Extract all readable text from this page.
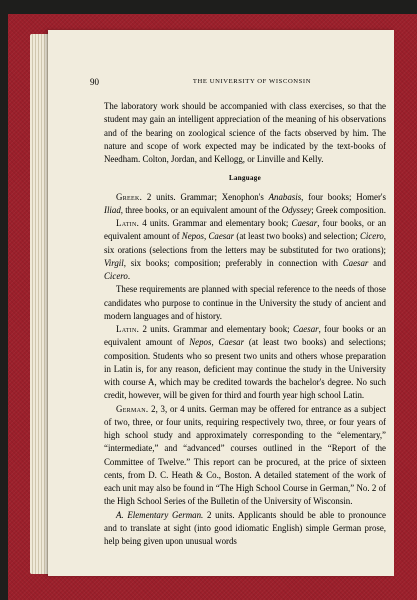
90	THE UNIVERSITY OF WISCONSIN

The laboratory work should be accompanied with class exercises, so that the student may gain an intelligent appreciation of the meaning of his observations and of the bearing on zoological science of the facts observed by him. The nature and scope of work expected may be indicated by the text-books of Needham. Colton, Jordan, and Kellogg, or Linville and Kelly.

Language

Greek. 2 units. Grammar; Xenophon's Anabasis, four books; Homer's Iliad, three books, or an equivalent amount of the Odyssey; Greek composition.

Latin. 4 units. Grammar and elementary book; Caesar, four books, or an equivalent amount of Nepos, Caesar (at least two books) and selection; Cicero, six orations (selections from the letters may be substituted for two orations); Virgil, six books; composition; preferably in connection with Caesar and Cicero.

These requirements are planned with special reference to the needs of those candidates who purpose to continue in the University the study of ancient and modern languages and of history.

Latin. 2 units. Grammar and elementary book; Caesar, four books or an equivalent amount of Nepos, Caesar (at least two books) and selections; composition. Students who so present two units and others whose preparation in Latin is, for any reason, deficient may continue the study in the University with course A, which may be credited towards the bachelor's degree. No such credit, however, will be given for third and fourth year high school Latin.

German. 2, 3, or 4 units. German may be offered for entrance as a subject of two, three, or four units, requiring respectively two, three, or four years of high school study and approximately corresponding to the “elementary,” “intermediate,” and “advanced” courses outlined in the “Report of the Committee of Twelve.” This report can be procured, at the price of sixteen cents, from D. C. Heath & Co., Boston. A detailed statement of the work of each unit may also be found in “The High School Course in German,” No. 2 of the High School Series of the Bulletin of the University of Wisconsin.

A. Elementary German. 2 units. Applicants should be able to pronounce and to translate at sight (into good idiomatic English) simple German prose, help being given upon unusual words
